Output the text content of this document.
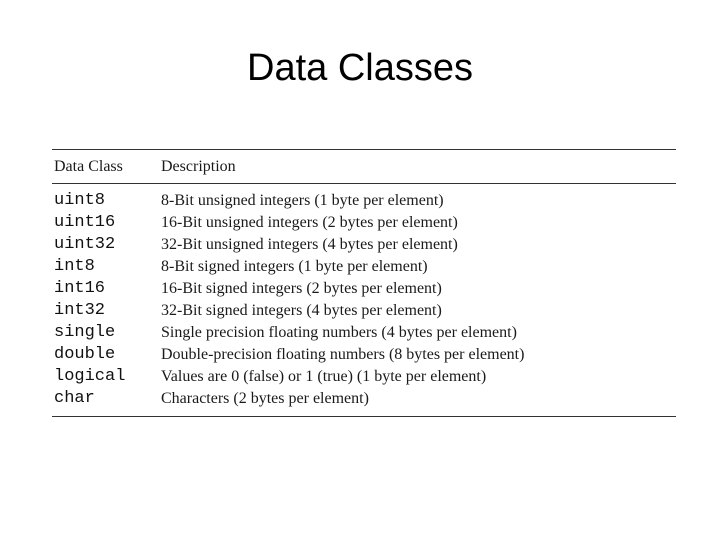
Data Classes
Data Class	Description
uint8	8-Bit unsigned integers (1 byte per element)
uint16	16-Bit unsigned integers (2 bytes per element)
uint32	32-Bit unsigned integers (4 bytes per element)
int8	8-Bit signed integers (1 byte per element)
int16	16-Bit signed integers (2 bytes per element)
int32	32-Bit signed integers (4 bytes per element)
single	Single precision floating numbers (4 bytes per element)
double	Double-precision floating numbers (8 bytes per element)
logical	Values are 0 (false) or 1 (true) (1 byte per element)
char	Characters (2 bytes per element)
